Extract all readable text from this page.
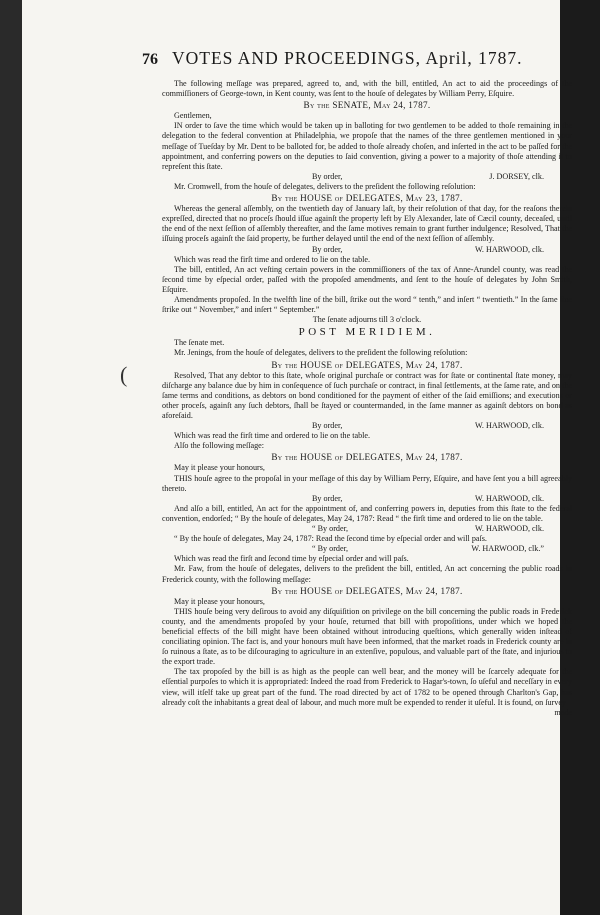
76 VOTES AND PROCEEDINGS, April, 1787.
(

The following meſſage was prepared, agreed to, and, with the bill, entitled, An act to aid the proceedings of the commiſſioners of George-town, in Kent county, was ſent to the houſe of delegates by William Perry, Eſquire.

By the SENATE, May 24, 1787.

Gentlemen,

IN order to ſave the time which would be taken up in balloting for two gentlemen to be added to thoſe remaining in the delegation to the federal convention at Philadelphia, we propoſe that the names of the three gentlemen mentioned in your meſſage of Tueſday by Mr. Dent to be balloted for, be added to thoſe already choſen, and inſerted in the act to be paſſed for the appointment, and conferring powers on the deputies to ſaid convention, giving a power to a majority of thoſe attending it to repreſent this ſtate.

By order,	J. DORSEY, clk.

Mr. Cromwell, from the houſe of delegates, delivers to the preſident the following reſolution:

By the HOUSE of DELEGATES, May 23, 1787.

Whereas the general aſſembly, on the twentieth day of January laſt, by their reſolution of that day, for the reaſons therein expreſſed, directed that no proceſs ſhould iſſue againſt the property left by Ely Alexander, late of Cæcil county, deceaſed, until the end of the next ſeſſion of aſſembly thereafter, and the ſame motives remain to grant further indulgence; Resolved, That the iſſuing proceſs againſt the ſaid property, be further delayed until the end of the next ſeſſion of aſſembly.

By order,	W. HARWOOD, clk.

Which was read the firſt time and ordered to lie on the table.

The bill, entitled, An act veſting certain powers in the commiſſioners of the tax of Anne-Arundel county, was read the ſecond time by eſpecial order, paſſed with the propoſed amendments, and ſent to the houſe of delegates by John Smith, Eſquire.

Amendments propoſed. In the twelfth line of the bill, ſtrike out the word “ tenth,” and inſert “ twentieth.” In the ſame line ſtrike out “ November,” and inſert “ September.”

The ſenate adjourns till 3 o'clock.

POST MERIDIEM.

The ſenate met.

Mr. Jenings, from the houſe of delegates, delivers to the preſident the following reſolution:

By the HOUSE of DELEGATES, May 24, 1787.

Resolved, That any debtor to this ſtate, whoſe original purchaſe or contract was for ſtate or continental ſtate money, may diſcharge any balance due by him in conſequence of ſuch purchaſe or contract, in final ſettlements, at the ſame rate, and on the ſame terms and conditions, as debtors on bond conditioned for the payment of either of the ſaid emiſſions; and executions or other proceſs, againſt any ſuch debtors, ſhall be ſtayed or countermanded, in the ſame manner as againſt debtors on bond as aforeſaid.

By order,	W. HARWOOD, clk.

Which was read the firſt time and ordered to lie on the table.

Alſo the following meſſage:

By the HOUSE of DELEGATES, May 24, 1787.

May it please your honours,

THIS houſe agree to the propoſal in your meſſage of this day by William Perry, Eſquire, and have ſent you a bill agreeably thereto.

By order,	W. HARWOOD, clk.

And alſo a bill, entitled, An act for the appointment of, and conferring powers in, deputies from this ſtate to the federal convention, endorſed; “ By the houſe of delegates, May 24, 1787: Read “ the firſt time and ordered to lie on the table.

“ By order,	W. HARWOOD, clk.

“ By the houſe of delegates, May 24, 1787: Read the ſecond time by eſpecial order and will paſs.

“ By order,	W. HARWOOD, clk.”

Which was read the firſt and ſecond time by eſpecial order and will paſs.

Mr. Faw, from the houſe of delegates, delivers to the preſident the bill, entitled, An act concerning the public roads in Frederick county, with the following meſſage:

By the HOUSE of DELEGATES, May 24, 1787.

May it please your honours,

THIS houſe being very deſirous to avoid any diſquiſition on privilege on the bill concerning the public roads in Frederick county, and the amendments propoſed by your houſe, returned that bill with propoſitions, under which we hoped the beneficial effects of the bill might have been obtained without introducing queſtions, which generally widen inſtead of conciliating opinion. The fact is, and your honours muſt have been informed, that the market roads in Frederick county are in ſo ruinous a ſtate, as to be diſcouraging to agriculture in an extenſive, populous, and valuable part of the ſtate, and injurious to the export trade.

The tax propoſed by the bill is as high as the people can well bear, and the money will be ſcarcely adequate for the eſſential purpoſes to which it is appropriated: Indeed the road from Frederick to Hagar's-town, ſo uſeful and neceſſary in every view, will itſelf take up great part of the fund. The road directed by act of 1782 to be opened through Charlton's Gap, has already coſt the inhabitants a great deal of labour, and much more muſt be expended to render it uſeful. It is found, on ſurvey

made
